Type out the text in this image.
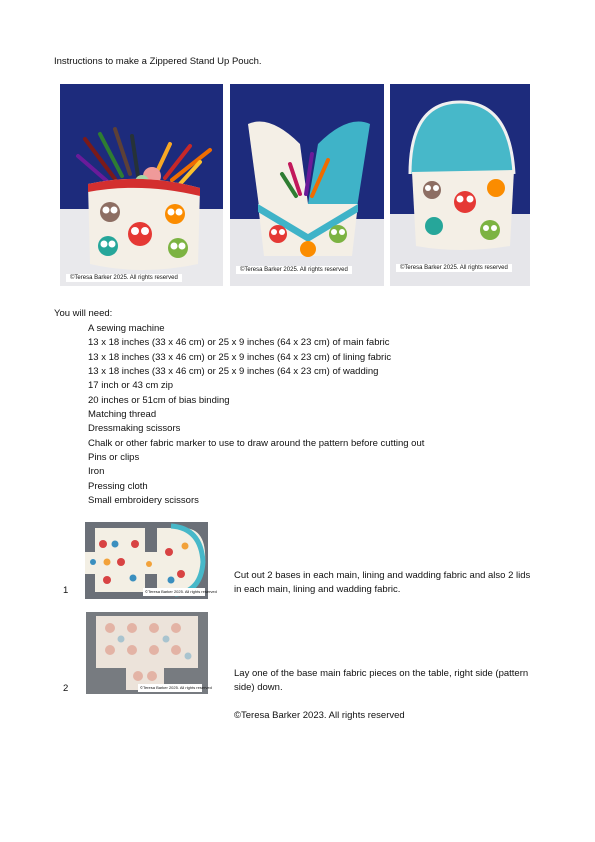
Instructions to make a Zippered Stand Up Pouch.
©Teresa Barker 2025. All rights reserved
©Teresa Barker 2025. All rights reserved	©Teresa Barker 2025. All rights reserved
You will need:
A sewing machine
13 x 18 inches (33 x 46 cm) or 25 x 9 inches (64 x 23 cm) of main fabric
13 x 18 inches (33 x 46 cm) or 25 x 9 inches (64 x 23 cm) of lining fabric
13 x 18 inches (33 x 46 cm) or 25 x 9 inches (64 x 23 cm) of wadding
17 inch or 43 cm zip
20 inches or 51cm of bias binding
Matching thread
Dressmaking scissors
Chalk or other fabric marker to use to draw around the pattern before cutting out
Pins or clips
Iron
Pressing cloth
Small embroidery scissors
1	©Teresa Barker 2025. All rights reserved
Cut out 2 bases in each main, lining and wadding fabric and also 2 lids in each main, lining and wadding fabric.
2	©Teresa Barker 2025. All rights reserved
Lay one of the base main fabric pieces on the table, right side (pattern side) down.
©Teresa Barker 2023. All rights reserved
